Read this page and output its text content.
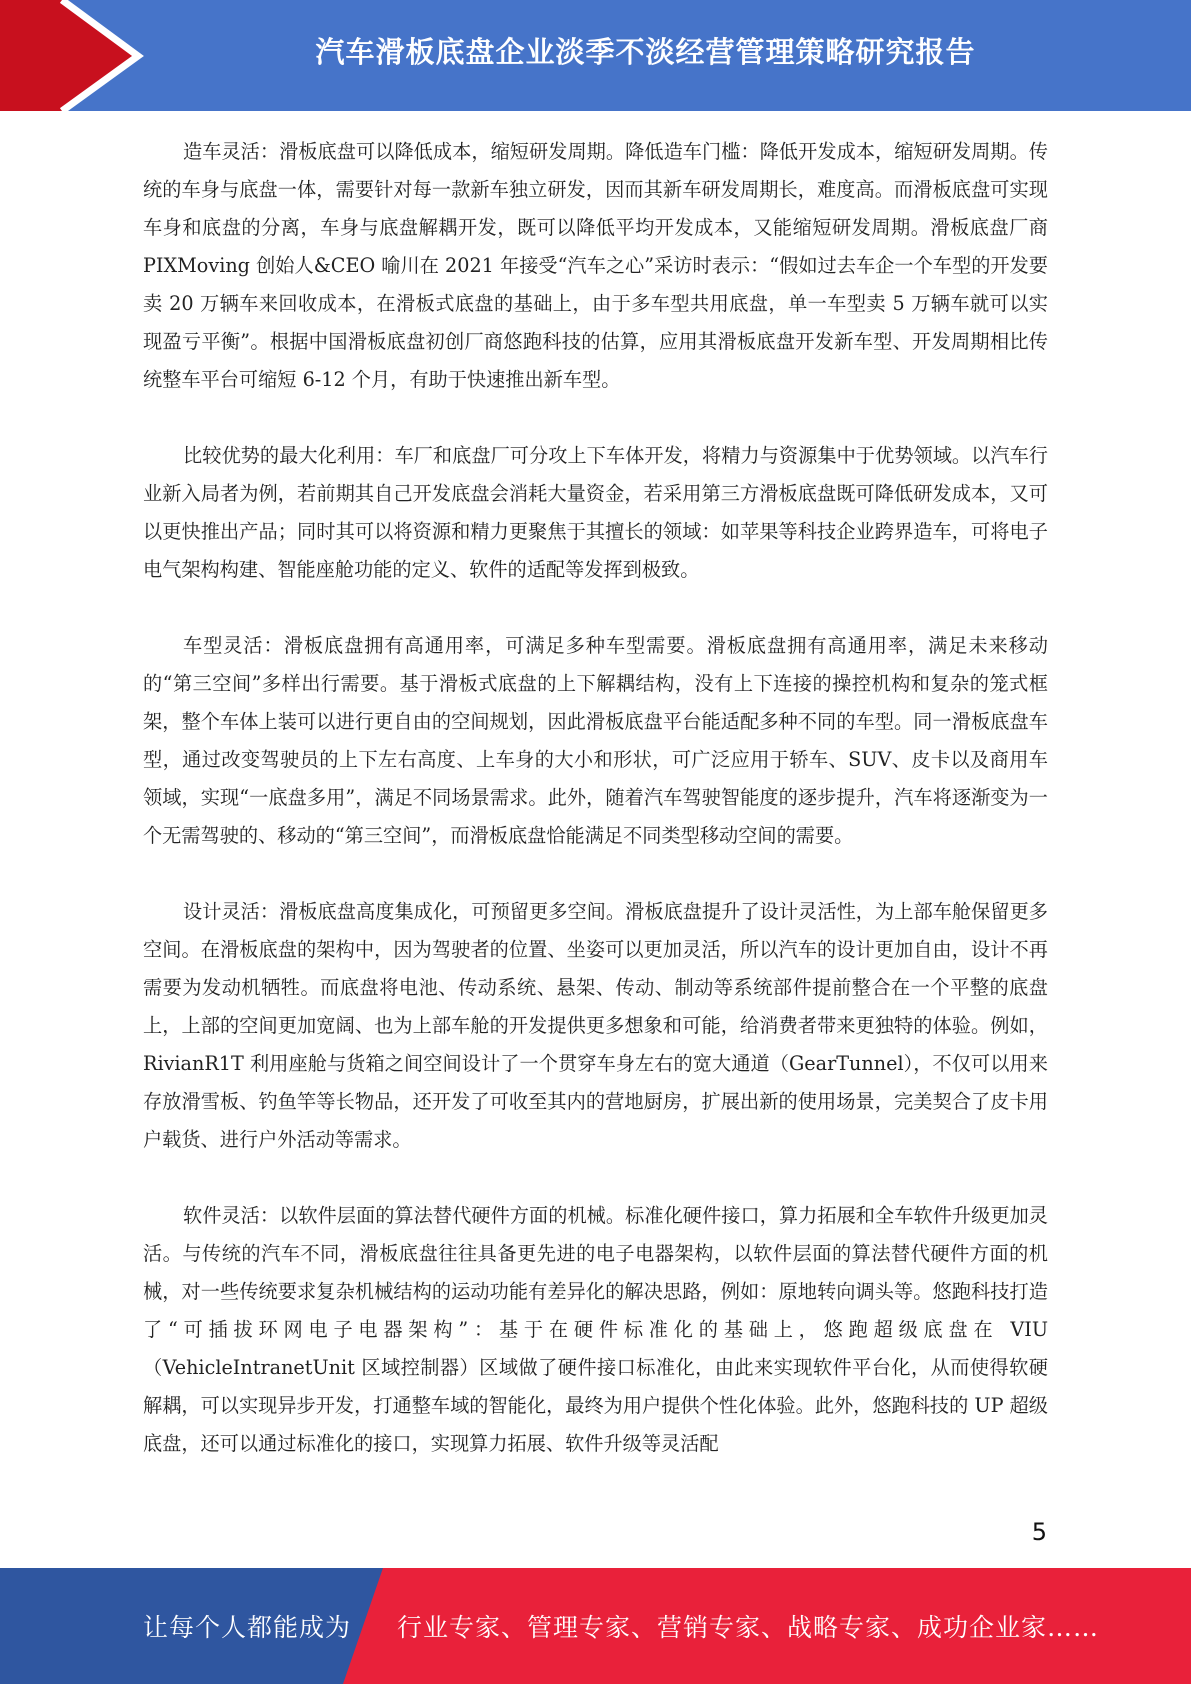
汽车滑板底盘企业淡季不淡经营管理策略研究报告

造车灵活：滑板底盘可以降低成本，缩短研发周期。降低造车门槛：降低开发成本，缩短研发周期。传统的车身与底盘一体，需要针对每一款新车独立研发，因而其新车研发周期长，难度高。而滑板底盘可实现车身和底盘的分离，车身与底盘解耦开发，既可以降低平均开发成本，又能缩短研发周期。滑板底盘厂商 PIXMoving 创始人&CEO 喻川在 2021 年接受“汽车之心”采访时表示：“假如过去车企一个车型的开发要卖 20 万辆车来回收成本，在滑板式底盘的基础上，由于多车型共用底盘，单一车型卖 5 万辆车就可以实现盈亏平衡”。根据中国滑板底盘初创厂商悠跑科技的估算，应用其滑板底盘开发新车型、开发周期相比传统整车平台可缩短 6-12 个月，有助于快速推出新车型。

比较优势的最大化利用：车厂和底盘厂可分攻上下车体开发，将精力与资源集中于优势领域。以汽车行业新入局者为例，若前期其自己开发底盘会消耗大量资金，若采用第三方滑板底盘既可降低研发成本，又可以更快推出产品；同时其可以将资源和精力更聚焦于其擅长的领域：如苹果等科技企业跨界造车，可将电子电气架构构建、智能座舱功能的定义、软件的适配等发挥到极致。

车型灵活：滑板底盘拥有高通用率，可满足多种车型需要。滑板底盘拥有高通用率，满足未来移动的“第三空间”多样出行需要。基于滑板式底盘的上下解耦结构，没有上下连接的操控机构和复杂的笼式框架，整个车体上装可以进行更自由的空间规划，因此滑板底盘平台能适配多种不同的车型。同一滑板底盘车型，通过改变驾驶员的上下左右高度、上车身的大小和形状，可广泛应用于轿车、SUV、皮卡以及商用车领域，实现“一底盘多用”，满足不同场景需求。此外，随着汽车驾驶智能度的逐步提升，汽车将逐渐变为一个无需驾驶的、移动的“第三空间”，而滑板底盘恰能满足不同类型移动空间的需要。

设计灵活：滑板底盘高度集成化，可预留更多空间。滑板底盘提升了设计灵活性，为上部车舱保留更多空间。在滑板底盘的架构中，因为驾驶者的位置、坐姿可以更加灵活，所以汽车的设计更加自由，设计不再需要为发动机牺牲。而底盘将电池、传动系统、悬架、传动、制动等系统部件提前整合在一个平整的底盘上，上部的空间更加宽阔、也为上部车舱的开发提供更多想象和可能，给消费者带来更独特的体验。例如，RivianR1T 利用座舱与货箱之间空间设计了一个贯穿车身左右的宽大通道（GearTunnel），不仅可以用来存放滑雪板、钓鱼竿等长物品，还开发了可收至其内的营地厨房，扩展出新的使用场景，完美契合了皮卡用户载货、进行户外活动等需求。

软件灵活：以软件层面的算法替代硬件方面的机械。标准化硬件接口，算力拓展和全车软件升级更加灵活。与传统的汽车不同，滑板底盘往往具备更先进的电子电器架构，以软件层面的算法替代硬件方面的机械，对一些传统要求复杂机械结构的运动功能有差异化的解决思路，例如：原地转向调头等。悠跑科技打造了“可插拔环网电子电器架构”：基于在硬件标准化的基础上，悠跑超级底盘在 VIU（VehicleIntranetUnit 区域控制器）区域做了硬件接口标准化，由此来实现软件平台化，从而使得软硬解耦，可以实现异步开发，打通整车域的智能化，最终为用户提供个性化体验。此外，悠跑科技的 UP 超级底盘，还可以通过标准化的接口，实现算力拓展、软件升级等灵活配

5
让每个人都能成为 行业专家、管理专家、营销专家、战略专家、成功企业家……
